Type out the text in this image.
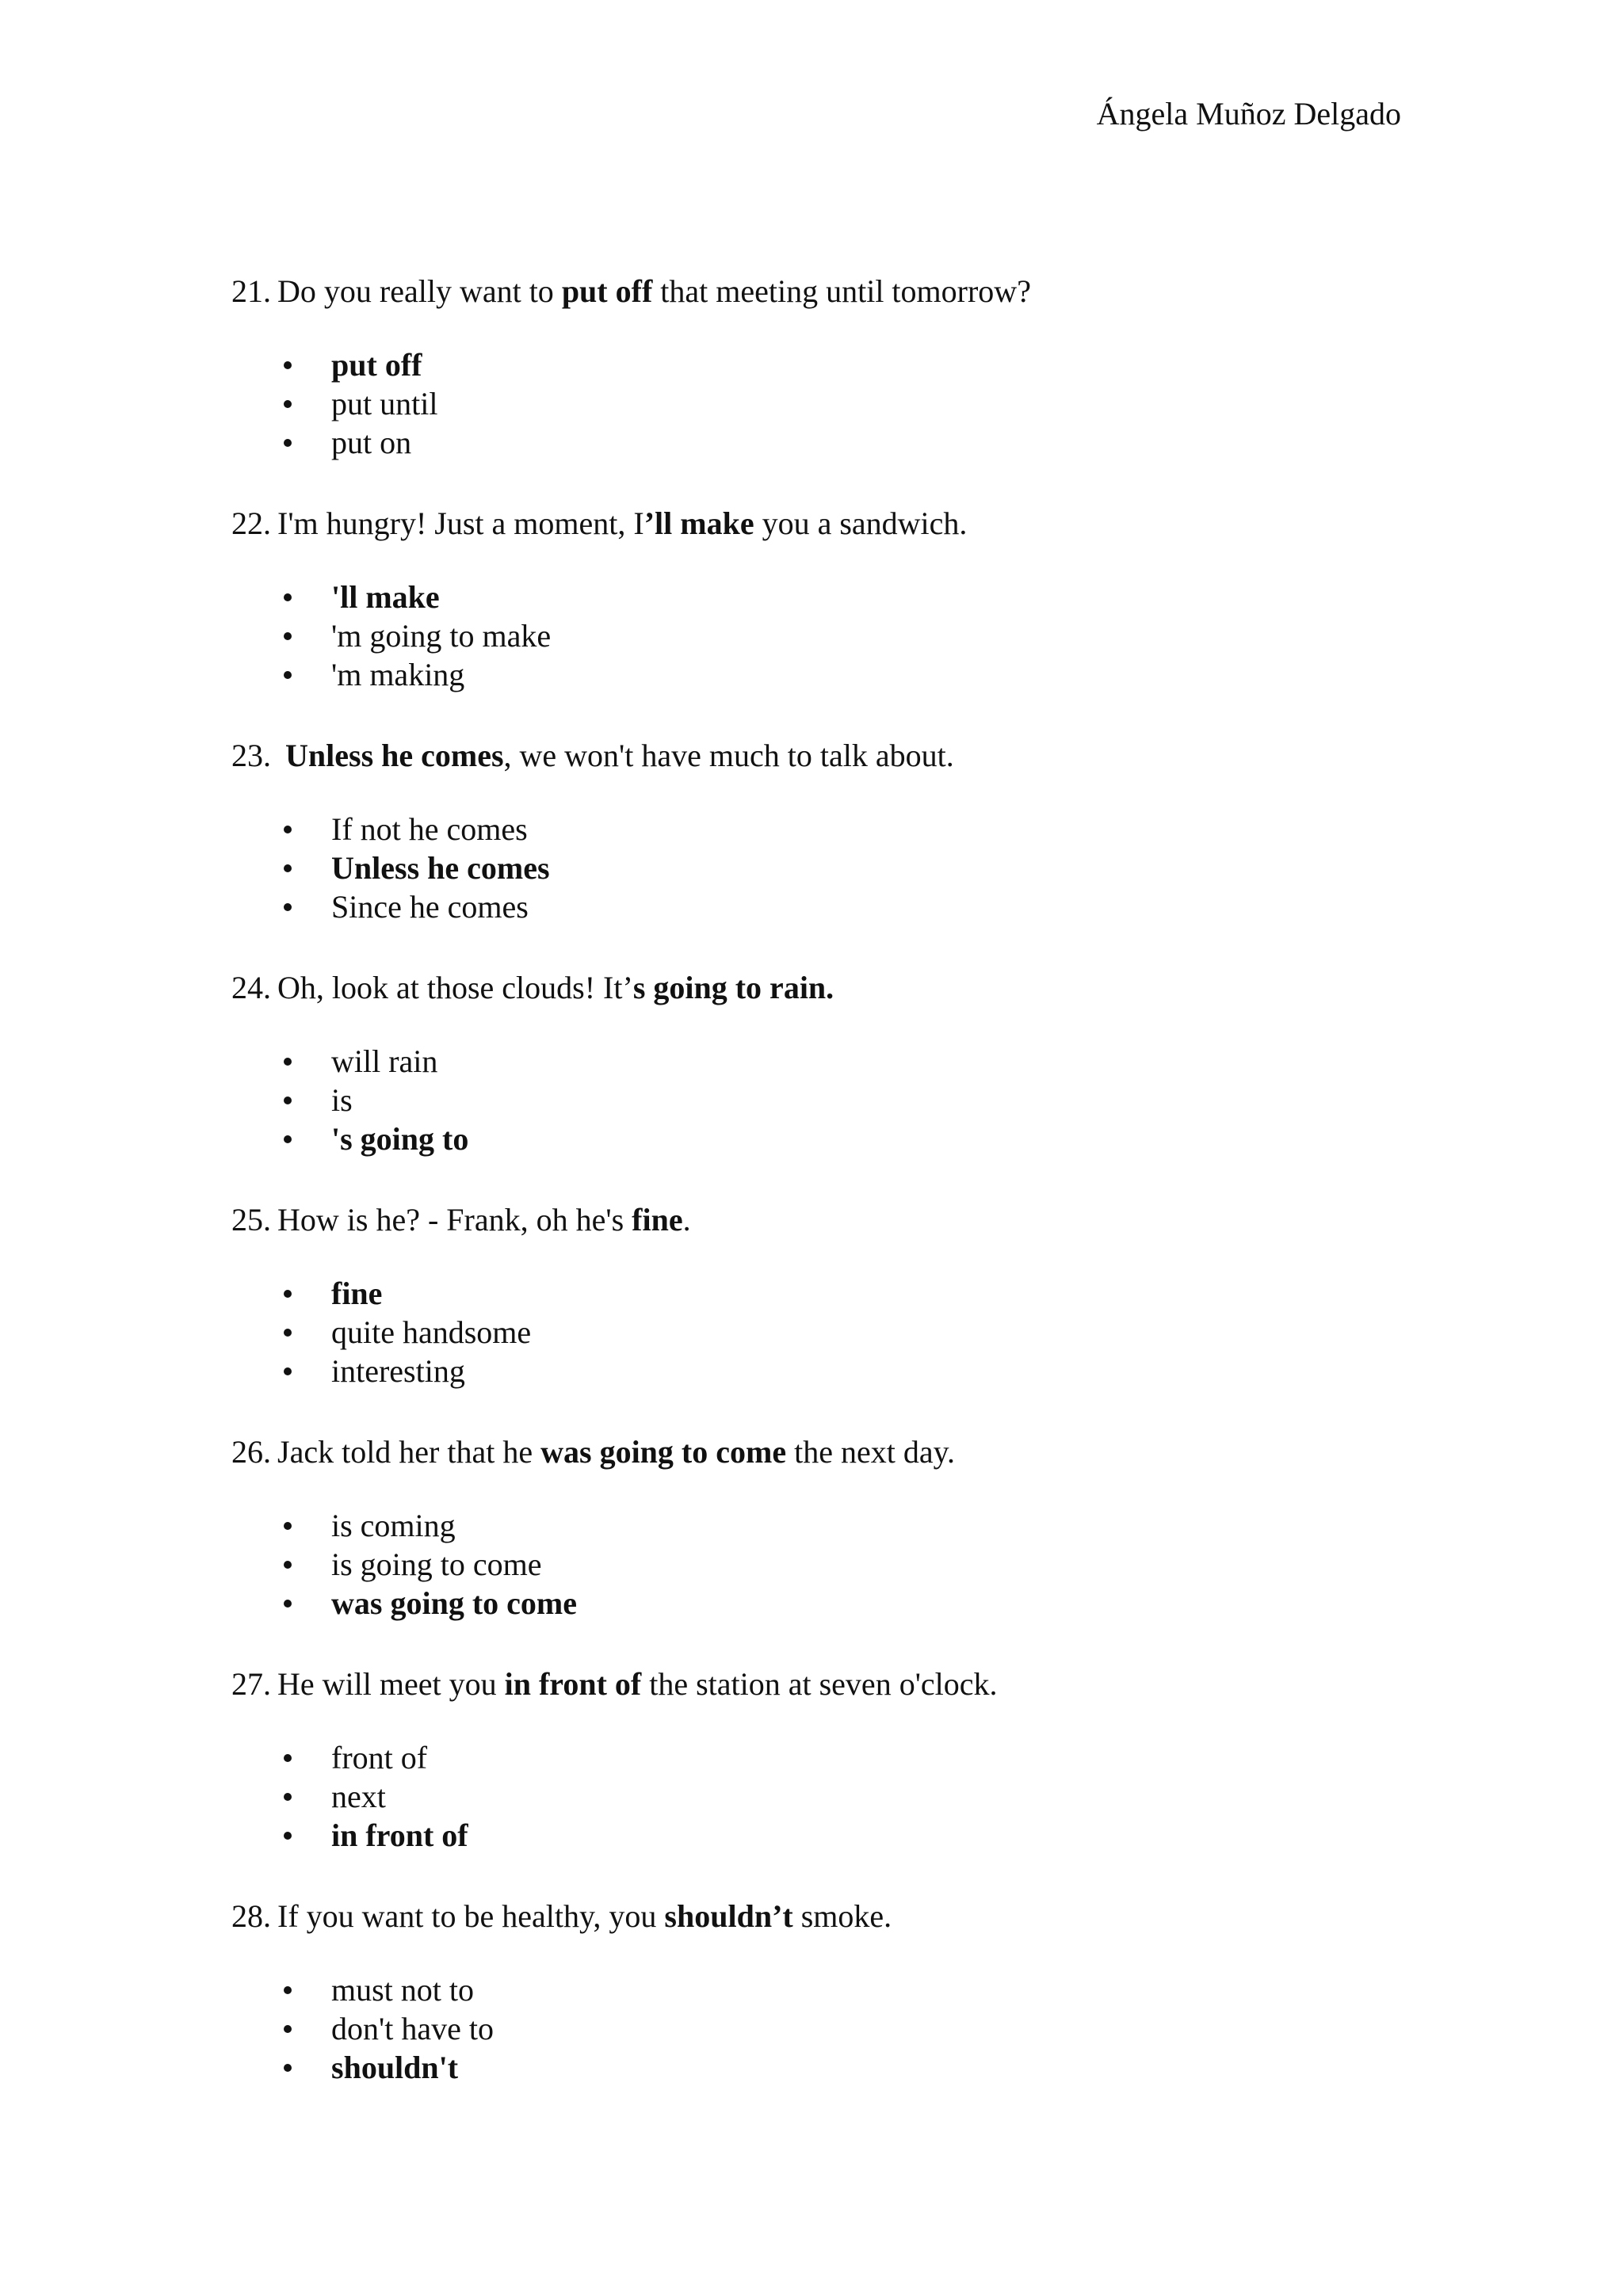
Ángela Muñoz Delgado

21. Do you really want to put off that meeting until tomorrow?

put off
put until
put on

22. I'm hungry! Just a moment, I’ll make you a sandwich.

'll make
'm going to make
'm making

23. Unless he comes, we won't have much to talk about.

If not he comes
Unless he comes
Since he comes

24. Oh, look at those clouds! It’s going to rain.

will rain
is
's going to

25. How is he? - Frank, oh he's fine.

fine
quite handsome
interesting

26. Jack told her that he was going to come the next day.

is coming
is going to come
was going to come

27. He will meet you in front of the station at seven o'clock.

front of
next
in front of

28. If you want to be healthy, you shouldn’t smoke.

must not to
don't have to
shouldn't
